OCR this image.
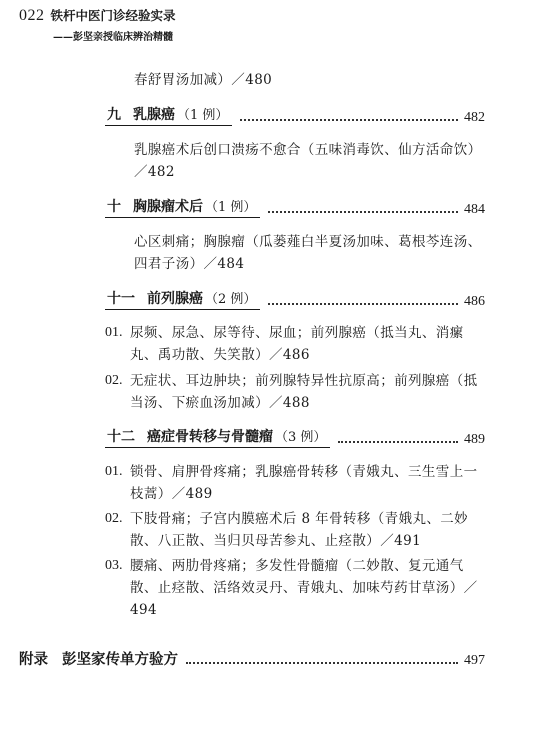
022 铁杆中医门诊经验实录
——彭坚亲授临床辨治精髓
春舒胃汤加减）／480
九 乳腺癌 （1 例）	482
乳腺癌术后创口溃疡不愈合（五味消毒饮、仙方活命饮）／482
十 胸腺瘤术后 （1 例）	484
心区刺痛；胸腺瘤（瓜蒌薤白半夏汤加味、葛根芩连汤、四君子汤）／484
十一 前列腺癌 （2 例）	486
01. 尿频、尿急、尿等待、尿血；前列腺癌（抵当丸、消瘰丸、禹功散、失笑散）／486
02. 无症状、耳边肿块；前列腺特异性抗原高；前列腺癌（抵当汤、下瘀血汤加减）／488
十二 癌症骨转移与骨髓瘤 （3 例）	489
01. 锁骨、肩胛骨疼痛；乳腺癌骨转移（青娥丸、三生雪上一枝蒿）／489
02. 下肢骨痛；子宫内膜癌术后 8 年骨转移（青娥丸、二妙散、八正散、当归贝母苦参丸、止痉散）／491
03. 腰痛、两肋骨疼痛；多发性骨髓瘤（二妙散、复元通气散、止痉散、活络效灵丹、青娥丸、加味芍药甘草汤）／494
附录 彭坚家传单方验方	497
